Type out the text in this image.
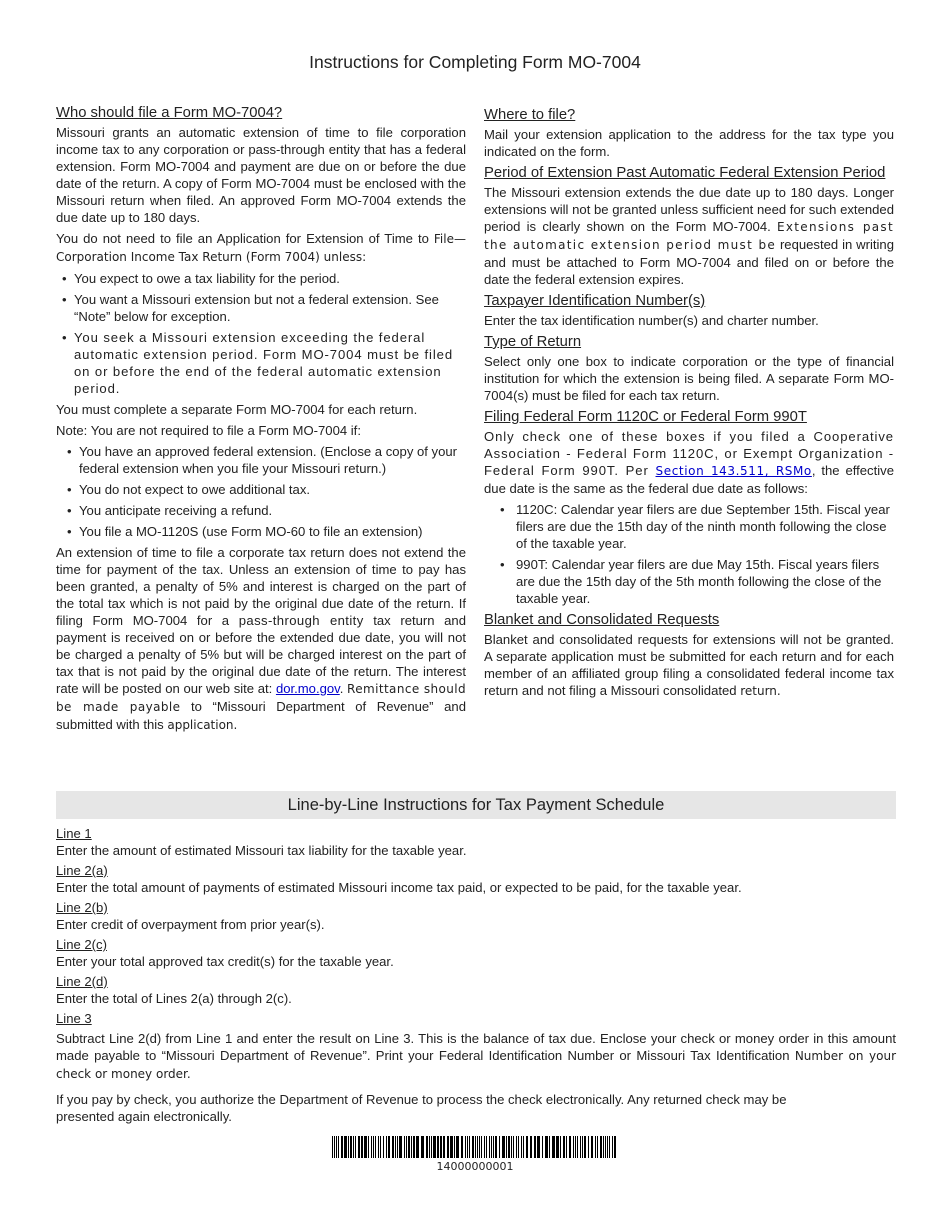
Instructions for Completing Form MO-7004
Who should file a Form MO-7004?

Missouri grants an automatic extension of time to file corporation income tax to any corporation or pass-through entity that has a federal extension. Form MO-7004 and payment are due on or before the due date of the return. A copy of Form MO-7004 must be enclosed with the Missouri return when filed. An approved Form MO-7004 extends the due date up to 180 days.

You do not need to file an Application for Extension of Time to File—Corporation Income Tax Return (Form 7004) unless:

• You expect to owe a tax liability for the period.
• You want a Missouri extension but not a federal extension. See “Note” below for exception.
• You seek a Missouri extension exceeding the federal automatic extension period. Form MO-7004 must be filed on or before the end of the federal automatic extension period.

You must complete a separate Form MO-7004 for each return.

Note: You are not required to file a Form MO-7004 if:

• You have an approved federal extension. (Enclose a copy of your federal extension when you file your Missouri return.)
• You do not expect to owe additional tax.
• You anticipate receiving a refund.
• You file a MO-1120S (use Form MO-60 to file an extension)

An extension of time to file a corporate tax return does not extend the time for payment of the tax. Unless an extension of time to pay has been granted, a penalty of 5% and interest is charged on the part of the total tax which is not paid by the original due date of the return. If filing Form MO-7004 for a pass-through entity tax return and payment is received on or before the extended due date, you will not be charged a penalty of 5% but will be charged interest on the part of tax that is not paid by the original due date of the return. The interest rate will be posted on our web site at: dor.mo.gov. Remittance should be made payable to “Missouri Department of Revenue” and submitted with this application.

Where to file?

Mail your extension application to the address for the tax type you indicated on the form.

Period of Extension Past Automatic Federal Extension Period

The Missouri extension extends the due date up to 180 days. Longer extensions will not be granted unless sufficient need for such extended period is clearly shown on the Form MO-7004. Extensions past the automatic extension period must be requested in writing and must be attached to Form MO-7004 and filed on or before the date the federal extension expires.

Taxpayer Identification Number(s)

Enter the tax identification number(s) and charter number.

Type of Return

Select only one box to indicate corporation or the type of financial institution for which the extension is being filed. A separate Form MO-7004(s) must be filed for each tax return.

Filing Federal Form 1120C or Federal Form 990T

Only check one of these boxes if you filed a Cooperative Association - Federal Form 1120C, or Exempt Organization - Federal Form 990T. Per Section 143.511, RSMo, the effective due date is the same as the federal due date as follows:

• 1120C: Calendar year filers are due September 15th. Fiscal year filers are due the 15th day of the ninth month following the close of the taxable year.
• 990T: Calendar year filers are due May 15th. Fiscal years filers are due the 15th day of the 5th month following the close of the taxable year.
Blanket and Consolidated Requests

Blanket and consolidated requests for extensions will not be granted. A separate application must be submitted for each return and for each member of an affiliated group filing a consolidated federal income tax return and not filing a Missouri consolidated return.

Line-by-Line Instructions for Tax Payment Schedule
Line 1

Enter the amount of estimated Missouri tax liability for the taxable year.

Line 2(a)

Enter the total amount of payments of estimated Missouri income tax paid, or expected to be paid, for the taxable year.

Line 2(b)

Enter credit of overpayment from prior year(s).

Line 2(c)

Enter your total approved tax credit(s) for the taxable year.

Line 2(d)

Enter the total of Lines 2(a) through 2(c).

Line 3

Subtract Line 2(d) from Line 1 and enter the result on Line 3. This is the balance of tax due. Enclose your check or money order in this amount made payable to “Missouri Department of Revenue”. Print your Federal Identification Number or Missouri Tax Identification Number on your check or money order.

If you pay by check, you authorize the Department of Revenue to process the check electronically. Any returned check may be presented again electronically.

14000000001
